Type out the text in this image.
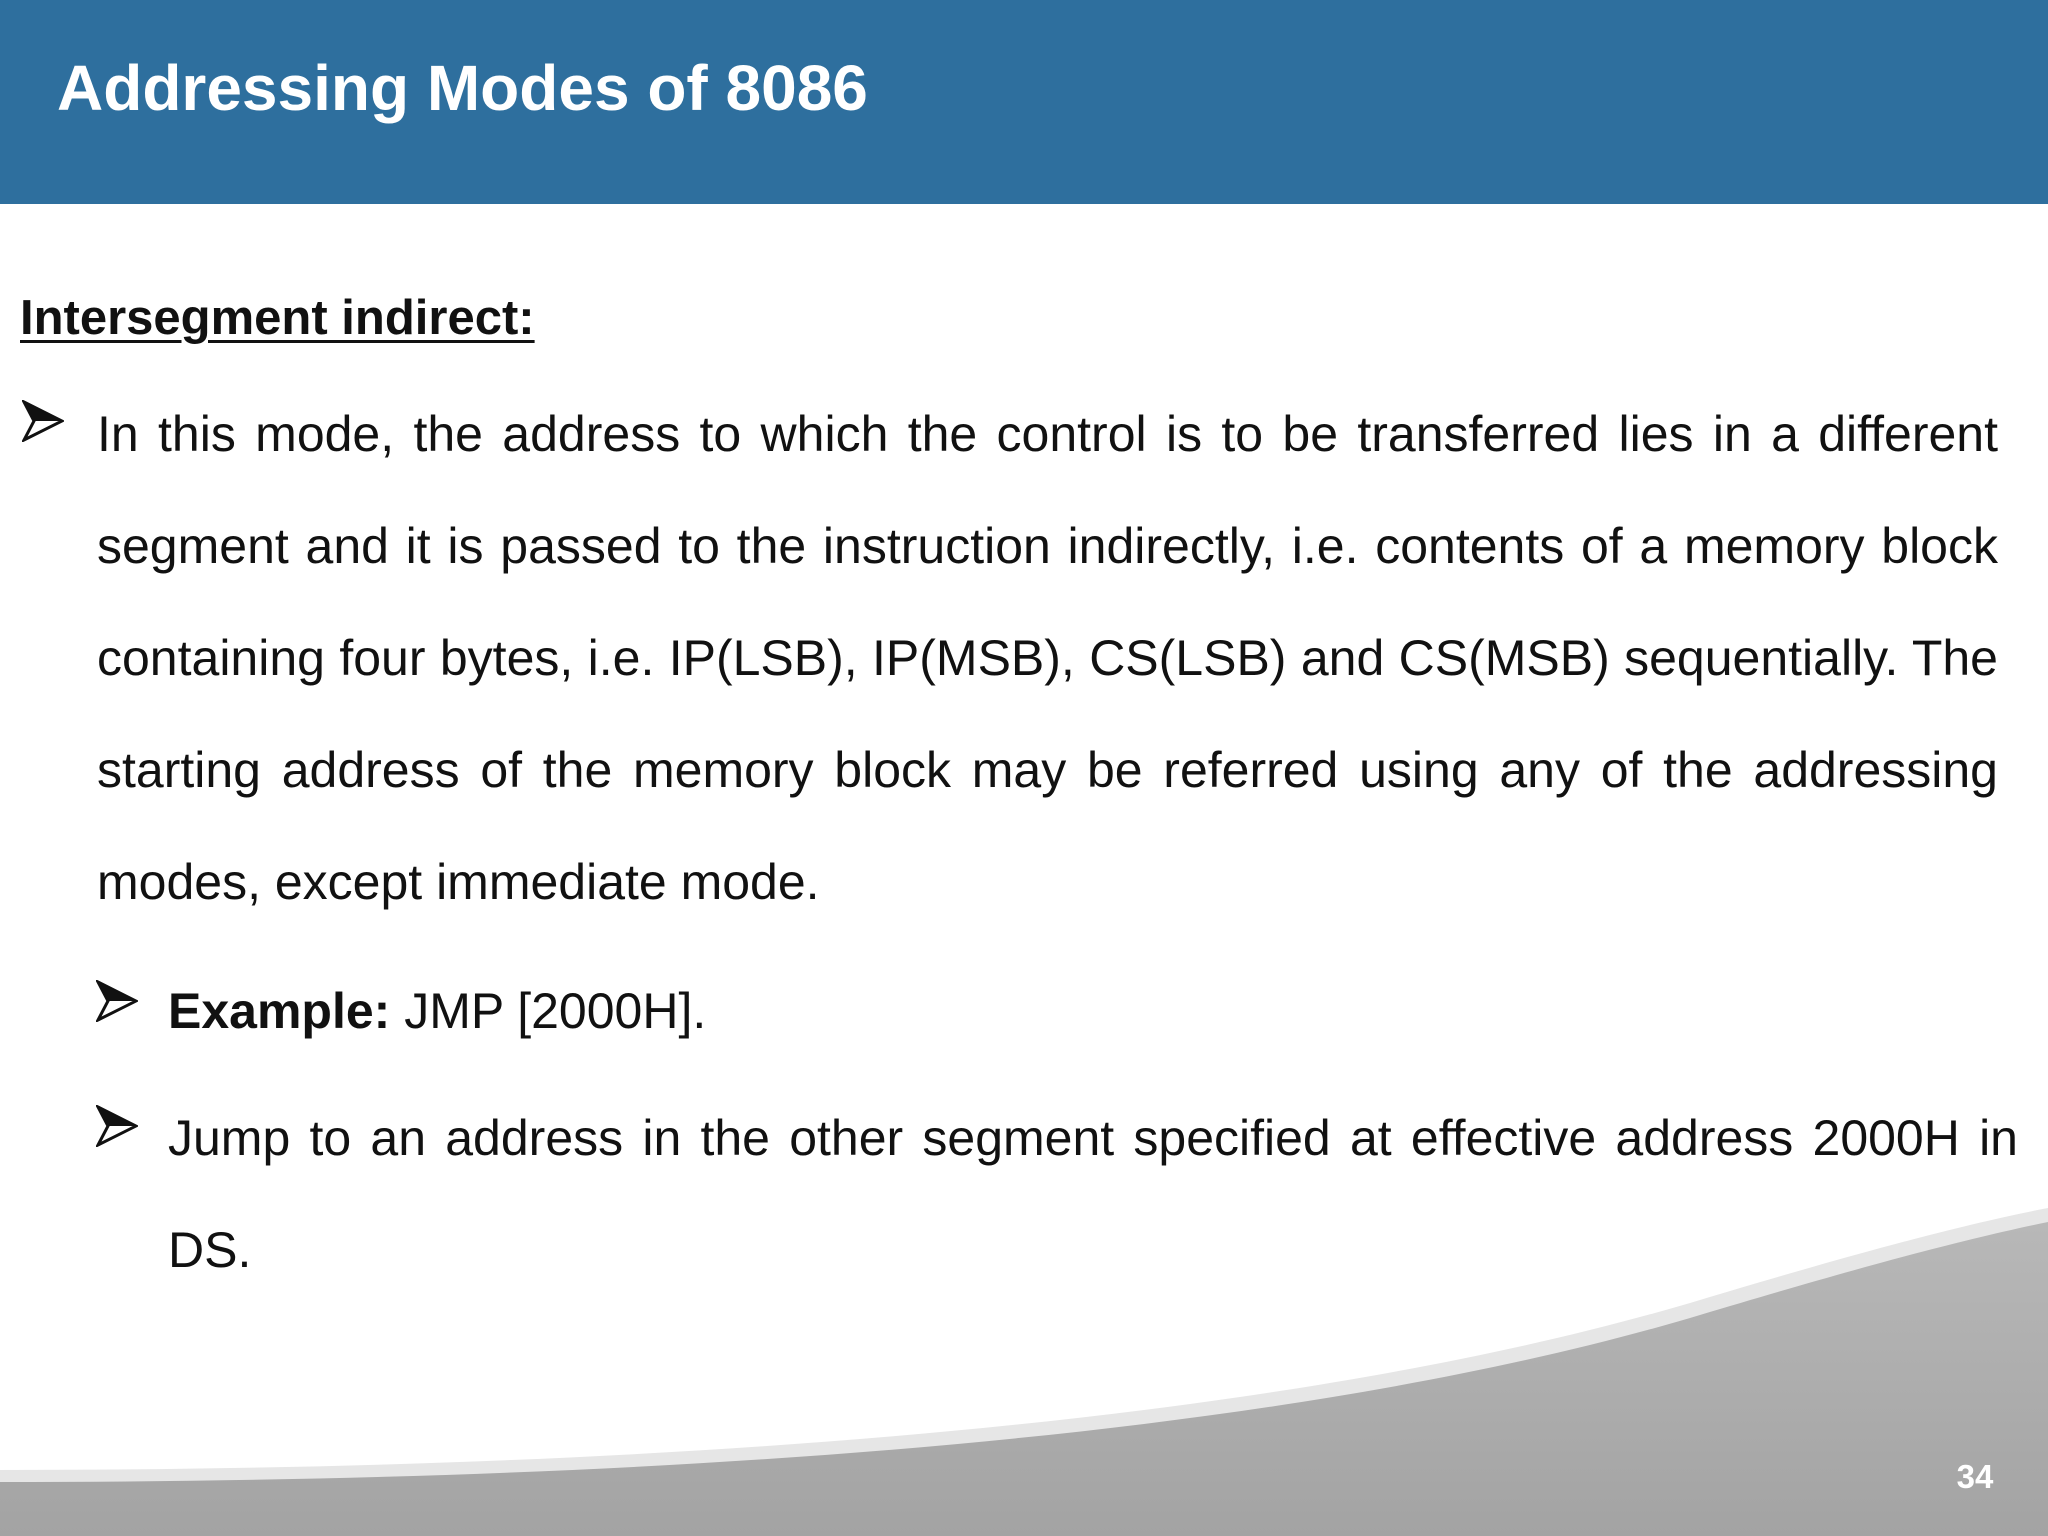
Addressing Modes of 8086
Intersegment indirect:
In this mode, the address to which the control is to be transferred lies in a different segment and it is passed to the instruction indirectly, i.e. contents of a memory block containing four bytes, i.e. IP(LSB), IP(MSB), CS(LSB) and CS(MSB) sequentially. The starting address of the memory block may be referred using any of the addressing modes, except immediate mode.
Example: JMP [2000H].
Jump to an address in the other segment specified at effective address 2000H in DS.
34
